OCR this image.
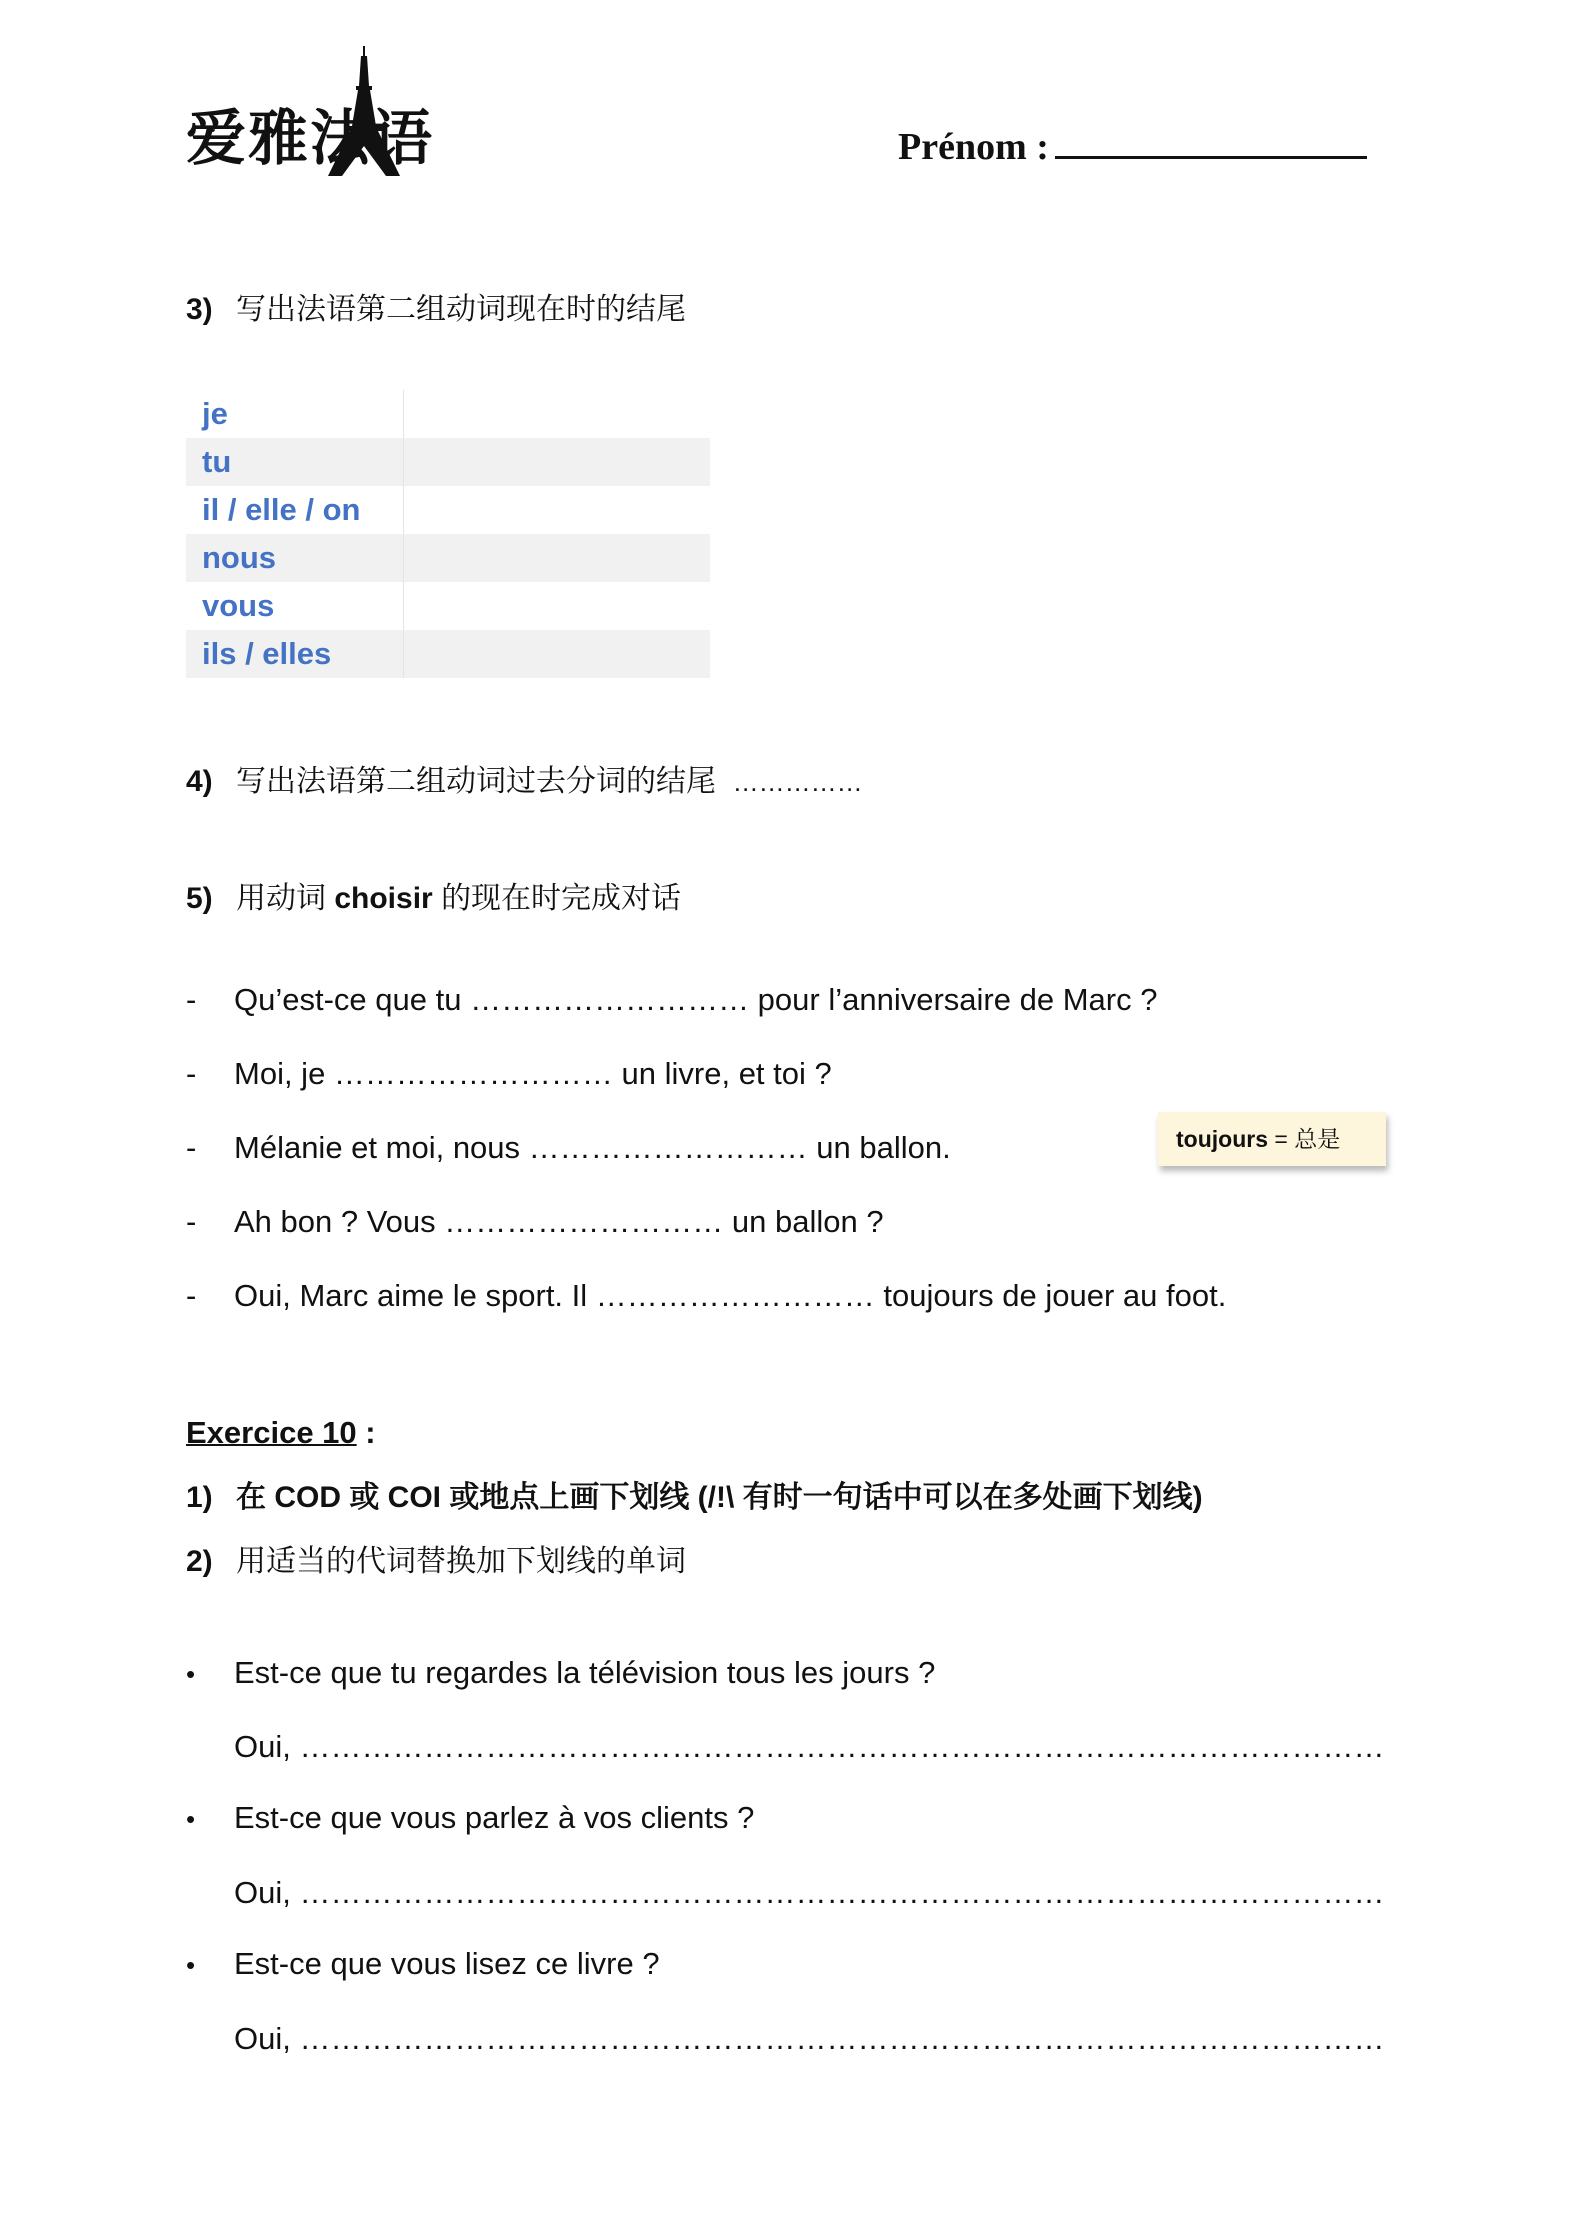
爱雅法语	Prénom :
3) 写出法语第二组动词现在时的结尾
je
tu
il / elle / on
nous
vous
ils / elles
4) 写出法语第二组动词过去分词的结尾 ……………
5) 用动词 choisir 的现在时完成对话
- Qu’est-ce que tu ……………………… pour l’anniversaire de Marc ?
- Moi, je ……………………… un livre, et toi ?
- Mélanie et moi, nous ……………………… un ballon.
- Ah bon ? Vous ……………………… un ballon ?
- Oui, Marc aime le sport. Il ……………………… toujours de jouer au foot.
toujours = 总是
Exercice 10 :
1) 在 COD 或 COI 或地点上画下划线 (/!\ 有时一句话中可以在多处画下划线)
2) 用适当的代词替换加下划线的单词
• Est-ce que tu regardes la télévision tous les jours ?
Oui, ……………………………………………………………………………………………
• Est-ce que vous parlez à vos clients ?
Oui, ……………………………………………………………………………………………
• Est-ce que vous lisez ce livre ?
Oui, ……………………………………………………………………………………………
